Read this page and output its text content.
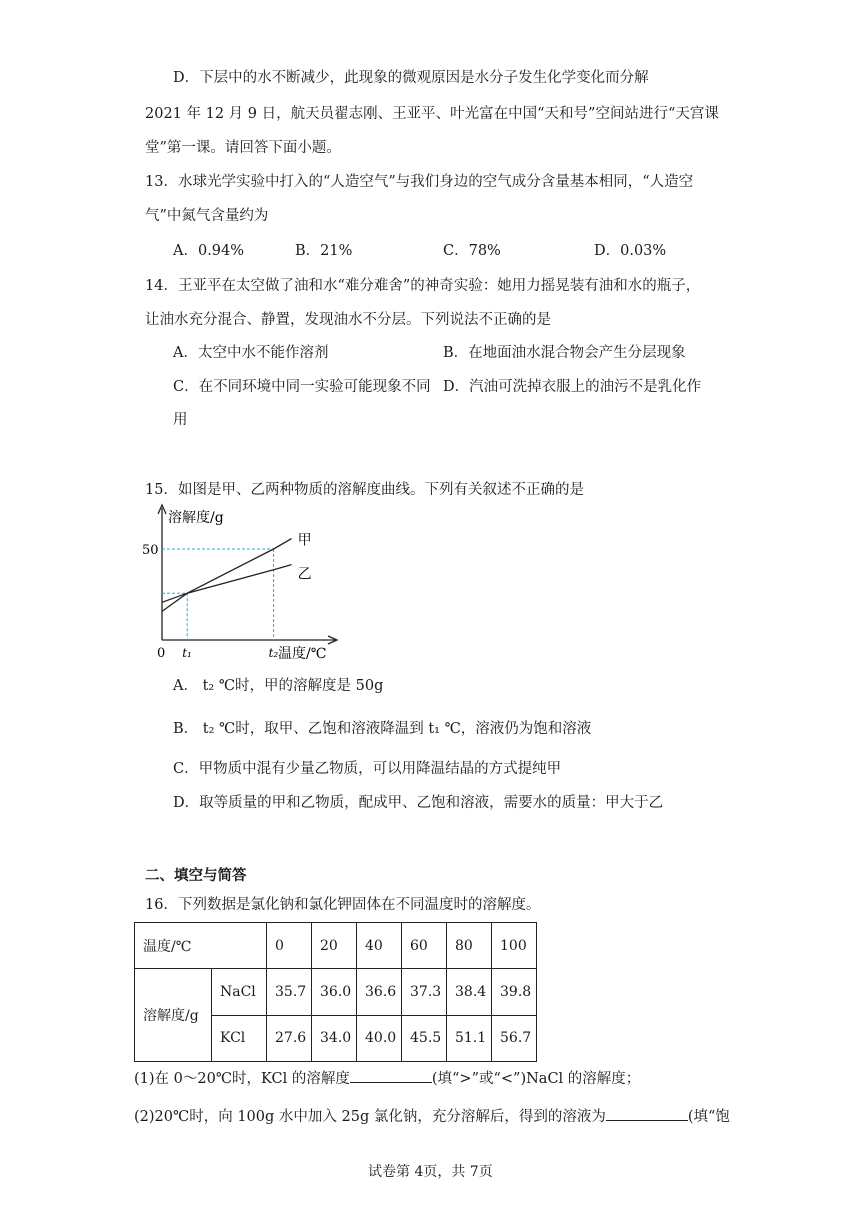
D．下层中的水不断减少，此现象的微观原因是水分子发生化学变化而分解
2021 年 12 月 9 日，航天员翟志刚、王亚平、叶光富在中国“天和号”空间站进行“天宫课
堂”第一课。请回答下面小题。
13．水球光学实验中打入的“人造空气”与我们身边的空气成分含量基本相同，“人造空
气”中氮气含量约为
A．0.94%	B．21%	C．78%	D．0.03%
14．王亚平在太空做了油和水“难分难舍”的神奇实验：她用力摇晃装有油和水的瓶子，
让油水充分混合、静置，发现油水不分层。下列说法不正确的是
A．太空中水不能作溶剂	B．在地面油水混合物会产生分层现象
C．在不同环境中同一实验可能现象不同 D．汽油可洗掉衣服上的油污不是乳化作
用
15．如图是甲、乙两种物质的溶解度曲线。下列有关叙述不正确的是
溶解度/g
温度/℃
0
50
t₁	t₂
甲
乙
A． t₂ ℃时，甲的溶解度是 50g
B． t₂ ℃时，取甲、乙饱和溶液降温到 t₁ ℃，溶液仍为饱和溶液
C．甲物质中混有少量乙物质，可以用降温结晶的方式提纯甲
D．取等质量的甲和乙物质，配成甲、乙饱和溶液，需要水的质量：甲大于乙
二、填空与简答
16．下列数据是氯化钠和氯化钾固体在不同温度时的溶解度。
温度/℃		0	20	40	60	80	100
溶解度/g	NaCl	35.7	36.0	36.6	37.3	38.4	39.8
	KCl	27.6	34.0	40.0	45.5	51.1	56.7
(1)在 0～20℃时，KCl 的溶解度	(填“>”或“<”)NaCl 的溶解度；
(2)20℃时，向 100g 水中加入 25g 氯化钠，充分溶解后，得到的溶液为	(填“饱
试卷第 4页，共 7页
